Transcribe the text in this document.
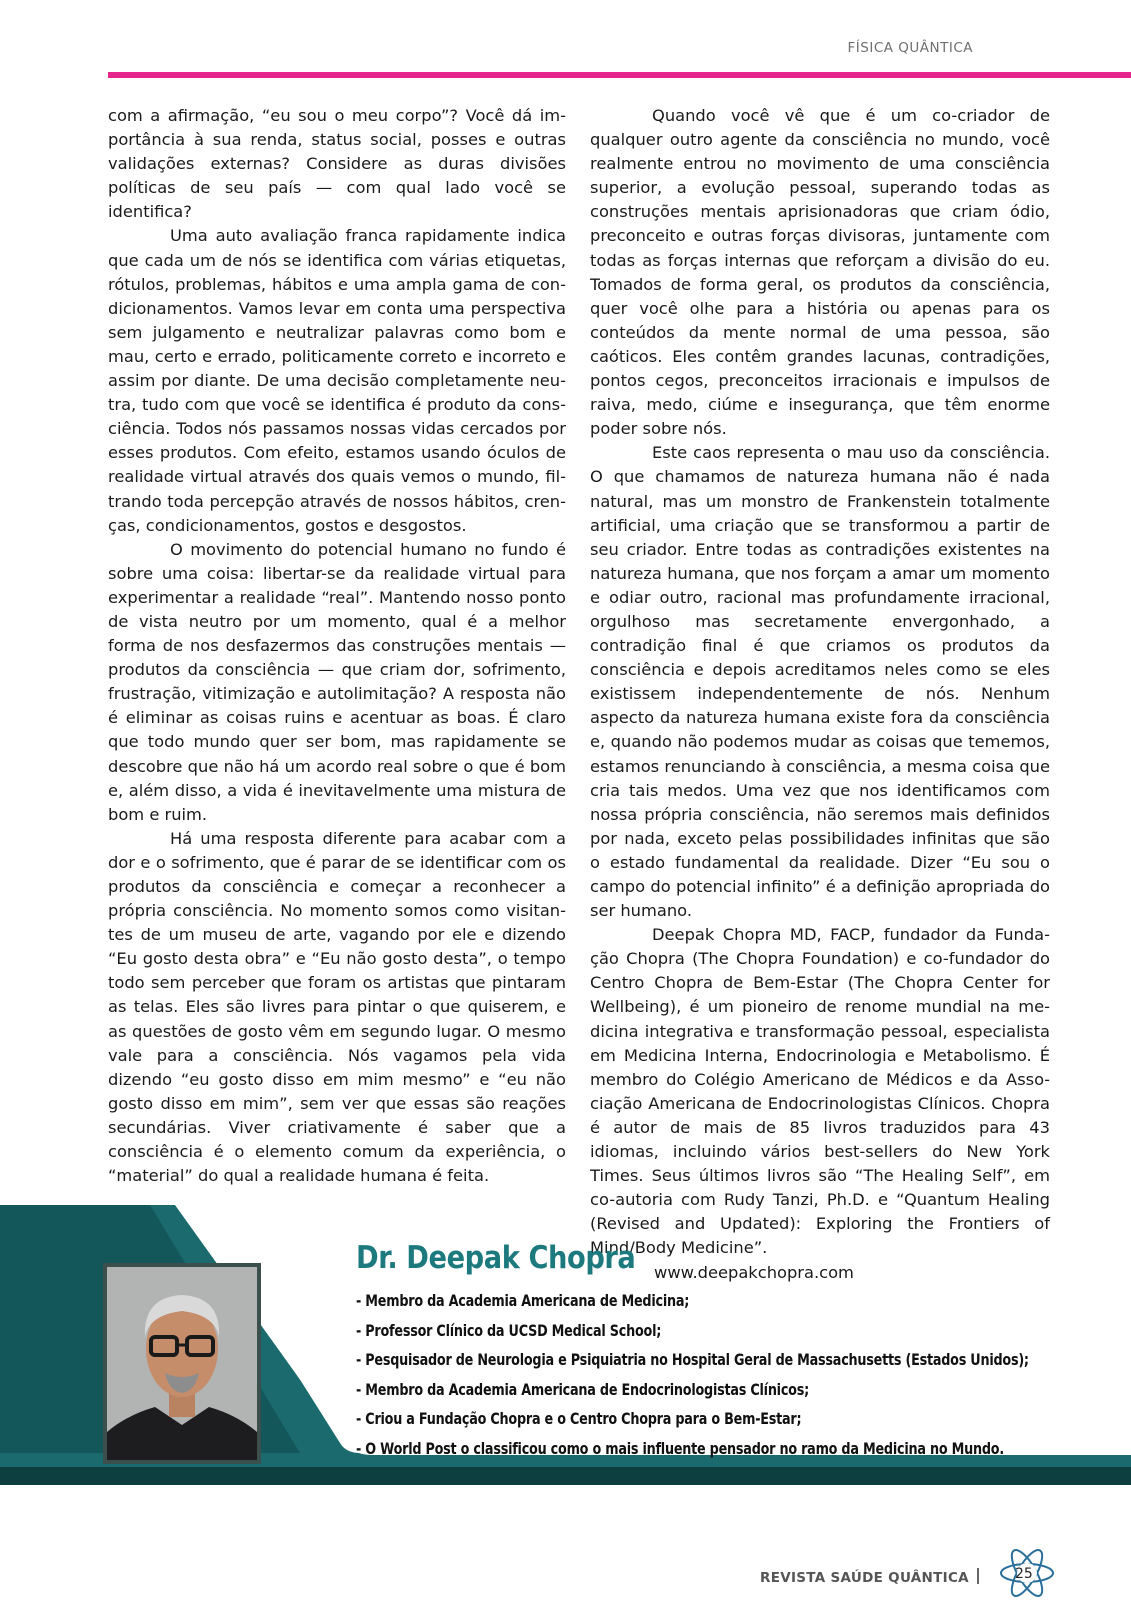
FÍSICA QUÂNTICA

com a afirmação, “eu sou o meu corpo”? Você dá importância à sua renda, status social, posses e outras validações externas? Considere as duras divisões políticas de seu país — com qual lado você se identifica?

Uma auto avaliação franca rapidamente indica que cada um de nós se identifica com várias etiquetas, rótulos, problemas, hábitos e uma ampla gama de condicionamentos. Vamos levar em conta uma perspectiva sem julgamento e neutralizar palavras como bom e mau, certo e errado, politicamente correto e incorreto e assim por diante. De uma decisão completamente neutra, tudo com que você se identifica é produto da consciência. Todos nós passamos nossas vidas cercados por esses produtos. Com efeito, estamos usando óculos de realidade virtual através dos quais vemos o mundo, filtrando toda percepção através de nossos hábitos, crenças, condicionamentos, gostos e desgostos.

O movimento do potencial humano no fundo é sobre uma coisa: libertar-se da realidade virtual para experimentar a realidade “real”. Mantendo nosso ponto de vista neutro por um momento, qual é a melhor forma de nos desfazermos das construções mentais — produtos da consciência — que criam dor, sofrimento, frustração, vitimização e autolimitação? A resposta não é eliminar as coisas ruins e acentuar as boas. É claro que todo mundo quer ser bom, mas rapidamente se descobre que não há um acordo real sobre o que é bom e, além disso, a vida é inevitavelmente uma mistura de bom e ruim.

Há uma resposta diferente para acabar com a dor e o sofrimento, que é parar de se identificar com os produtos da consciência e começar a reconhecer a própria consciência. No momento somos como visitantes de um museu de arte, vagando por ele e dizendo “Eu gosto desta obra” e “Eu não gosto desta”, o tempo todo sem perceber que foram os artistas que pintaram as telas. Eles são livres para pintar o que quiserem, e as questões de gosto vêm em segundo lugar. O mesmo vale para a consciência. Nós vagamos pela vida dizendo “eu gosto disso em mim mesmo” e “eu não gosto disso em mim”, sem ver que essas são reações secundárias. Viver criativamente é saber que a consciência é o elemento comum da experiência, o “material” do qual a realidade humana é feita.

Quando você vê que é um co-criador de qualquer outro agente da consciência no mundo, você realmente entrou no movimento de uma consciência superior, a evolução pessoal, superando todas as construções mentais aprisionadoras que criam ódio, preconceito e outras forças divisoras, juntamente com todas as forças internas que reforçam a divisão do eu. Tomados de forma geral, os produtos da consciência, quer você olhe para a história ou apenas para os conteúdos da mente normal de uma pessoa, são caóticos. Eles contêm grandes lacunas, contradições, pontos cegos, preconceitos irracionais e impulsos de raiva, medo, ciúme e insegurança, que têm enorme poder sobre nós.

Este caos representa o mau uso da consciência. O que chamamos de natureza humana não é nada natural, mas um monstro de Frankenstein totalmente artificial, uma criação que se transformou a partir de seu criador. Entre todas as contradições existentes na natureza humana, que nos forçam a amar um momento e odiar outro, racional mas profundamente irracional, orgulhoso mas secretamente envergonhado, a contradição final é que criamos os produtos da consciência e depois acreditamos neles como se eles existissem independentemente de nós. Nenhum aspecto da natureza humana existe fora da consciência e, quando não podemos mudar as coisas que tememos, estamos renunciando à consciência, a mesma coisa que cria tais medos. Uma vez que nos identificamos com nossa própria consciência, não seremos mais definidos por nada, exceto pelas possibilidades infinitas que são o estado fundamental da realidade. Dizer “Eu sou o campo do potencial infinito” é a definição apropriada do ser humano.

Deepak Chopra MD, FACP, fundador da Fundação Chopra (The Chopra Foundation) e co-fundador do Centro Chopra de Bem-Estar (The Chopra Center for Wellbeing), é um pioneiro de renome mundial na medicina integrativa e transformação pessoal, especialista em Medicina Interna, Endocrinologia e Metabolismo. É membro do Colégio Americano de Médicos e da Associação Americana de Endocrinologistas Clínicos. Chopra é autor de mais de 85 livros traduzidos para 43 idiomas, incluindo vários best-sellers do New York Times. Seus últimos livros são “The Healing Self”, em co-autoria com Rudy Tanzi, Ph.D. e “Quantum Healing (Revised and Updated): Exploring the Frontiers of Mind/Body Medicine”.

www.deepakchopra.com

Dr. Deepak Chopra
- Membro da Academia Americana de Medicina;
- Professor Clínico da UCSD Medical School;
- Pesquisador de Neurologia e Psiquiatria no Hospital Geral de Massachusetts (Estados Unidos);
- Membro da Academia Americana de Endocrinologistas Clínicos;
- Criou a Fundação Chopra e o Centro Chopra para o Bem-Estar;
- O World Post o classificou como o mais influente pensador no ramo da Medicina no Mundo.
REVISTA SAÚDE QUÂNTICA	25
